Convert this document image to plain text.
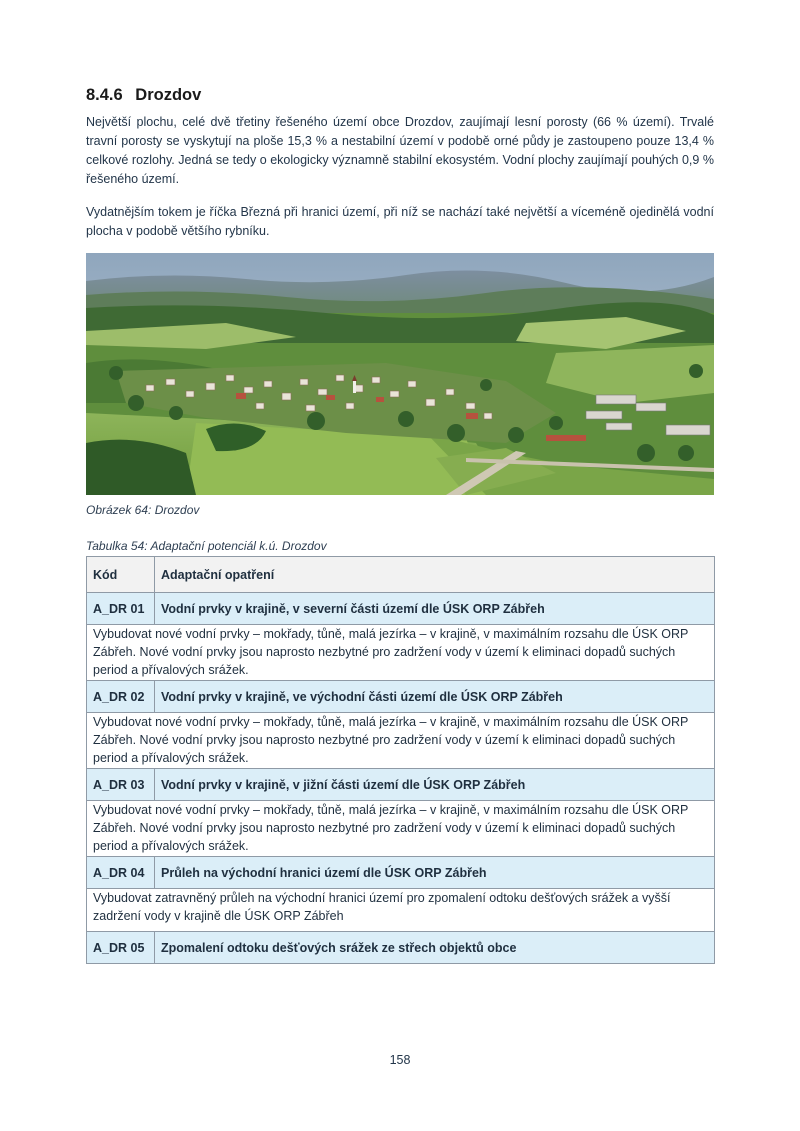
8.4.6 Drozdov

Největší plochu, celé dvě třetiny řešeného území obce Drozdov, zaujímají lesní porosty (66 % území). Trvalé travní porosty se vyskytují na ploše 15,3 % a nestabilní území v podobě orné půdy je zastoupeno pouze 13,4 % celkové rozlohy. Jedná se tedy o ekologicky významně stabilní ekosystém. Vodní plochy zaujímají pouhých 0,9 % řešeného území.

Vydatnějším tokem je říčka Březná při hranici území, při níž se nachází také největší a víceméně ojedinělá vodní plocha v podobě většího rybníku.

Obrázek 64: Drozdov
Tabulka 54: Adaptační potenciál k.ú. Drozdov
Kód	Adaptační opatření
A_DR 01	Vodní prvky v krajině, v severní části území dle ÚSK ORP Zábřeh
Vybudovat nové vodní prvky – mokřady, tůně, malá jezírka – v krajině, v maximálním rozsahu dle ÚSK ORP Zábřeh. Nové vodní prvky jsou naprosto nezbytné pro zadržení vody v území k eliminaci dopadů suchých period a přívalových srážek.	
A_DR 02	Vodní prvky v krajině, ve východní části území dle ÚSK ORP Zábřeh
Vybudovat nové vodní prvky – mokřady, tůně, malá jezírka – v krajině, v maximálním rozsahu dle ÚSK ORP Zábřeh. Nové vodní prvky jsou naprosto nezbytné pro zadržení vody v území k eliminaci dopadů suchých period a přívalových srážek.	
A_DR 03	Vodní prvky v krajině, v jižní části území dle ÚSK ORP Zábřeh
Vybudovat nové vodní prvky – mokřady, tůně, malá jezírka – v krajině, v maximálním rozsahu dle ÚSK ORP Zábřeh. Nové vodní prvky jsou naprosto nezbytné pro zadržení vody v území k eliminaci dopadů suchých period a přívalových srážek.	
A_DR 04	Průleh na východní hranici území dle ÚSK ORP Zábřeh
Vybudovat zatravněný průleh na východní hranici území pro zpomalení odtoku dešťových srážek a vyšší zadržení vody v krajině dle ÚSK ORP Zábřeh	
A_DR 05	Zpomalení odtoku dešťových srážek ze střech objektů obce
158
